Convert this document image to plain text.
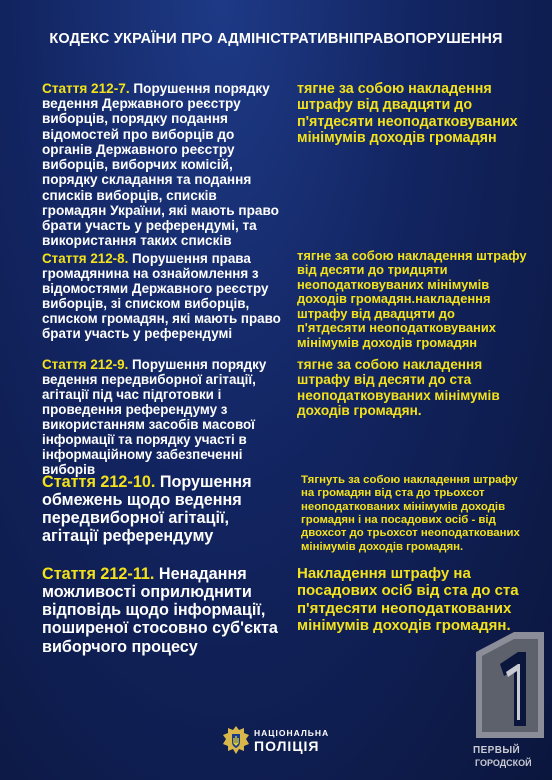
КОДЕКС УКРАЇНИ ПРО АДМІНІСТРАТИВНІПРАВОПОРУШЕННЯ
Стаття 212-7. Порушення порядку ведення Державного реєстру виборців, порядку подання відомостей про виборців до органів Державного реєстру виборців, виборчих комісій, порядку складання та подання списків виборців, списків громадян України, які мають право брати участь у референдумі, та використання таких списків
тягне за собою накладення штрафу від двадцяти до п'ятдесяти неоподатковуваних мінімумів доходів громадян
Стаття 212-8. Порушення права громадянина на ознайомлення з відомостями Державного реєстру виборців, зі списком виборців, списком громадян, які мають право брати участь у референдумі
тягне за собою накладення штрафу від десяти до тридцяти неоподатковуваних мінімумів доходів громадян.накладення штрафу від двадцяти до п'ятдесяти неоподатковуваних мінімумів доходів громадян
Стаття 212-9. Порушення порядку ведення передвиборної агітації, агітації під час підготовки і проведення референдуму з використанням засобів масової інформації та порядку участі в інформаційному забезпеченні виборів
тягне за собою накладення штрафу від десяти до ста неоподатковуваних мінімумів доходів громадян.
Стаття 212-10. Порушення обмежень щодо ведення передвиборної агітації, агітації референдуму
Тягнуть за собою накладення штрафу на громадян від ста до трьохсот неоподаткованих мінімумів доходів громадян і на посадових осіб - від двохсот до трьохсот неоподаткованих мінімумів доходів громадян.
Стаття 212-11. Ненадання можливості оприлюднити відповідь щодо інформації, поширеної стосовно суб'єкта виборчого процесу
Накладення штрафу на посадових осіб від ста до ста п'ятдесяти неоподаткованих мінімумів доходів громадян.
НАЦІОНАЛЬНА
ПОЛІЦІЯ	ПЕРВЫЙ
ГОРОДСКОЙ
